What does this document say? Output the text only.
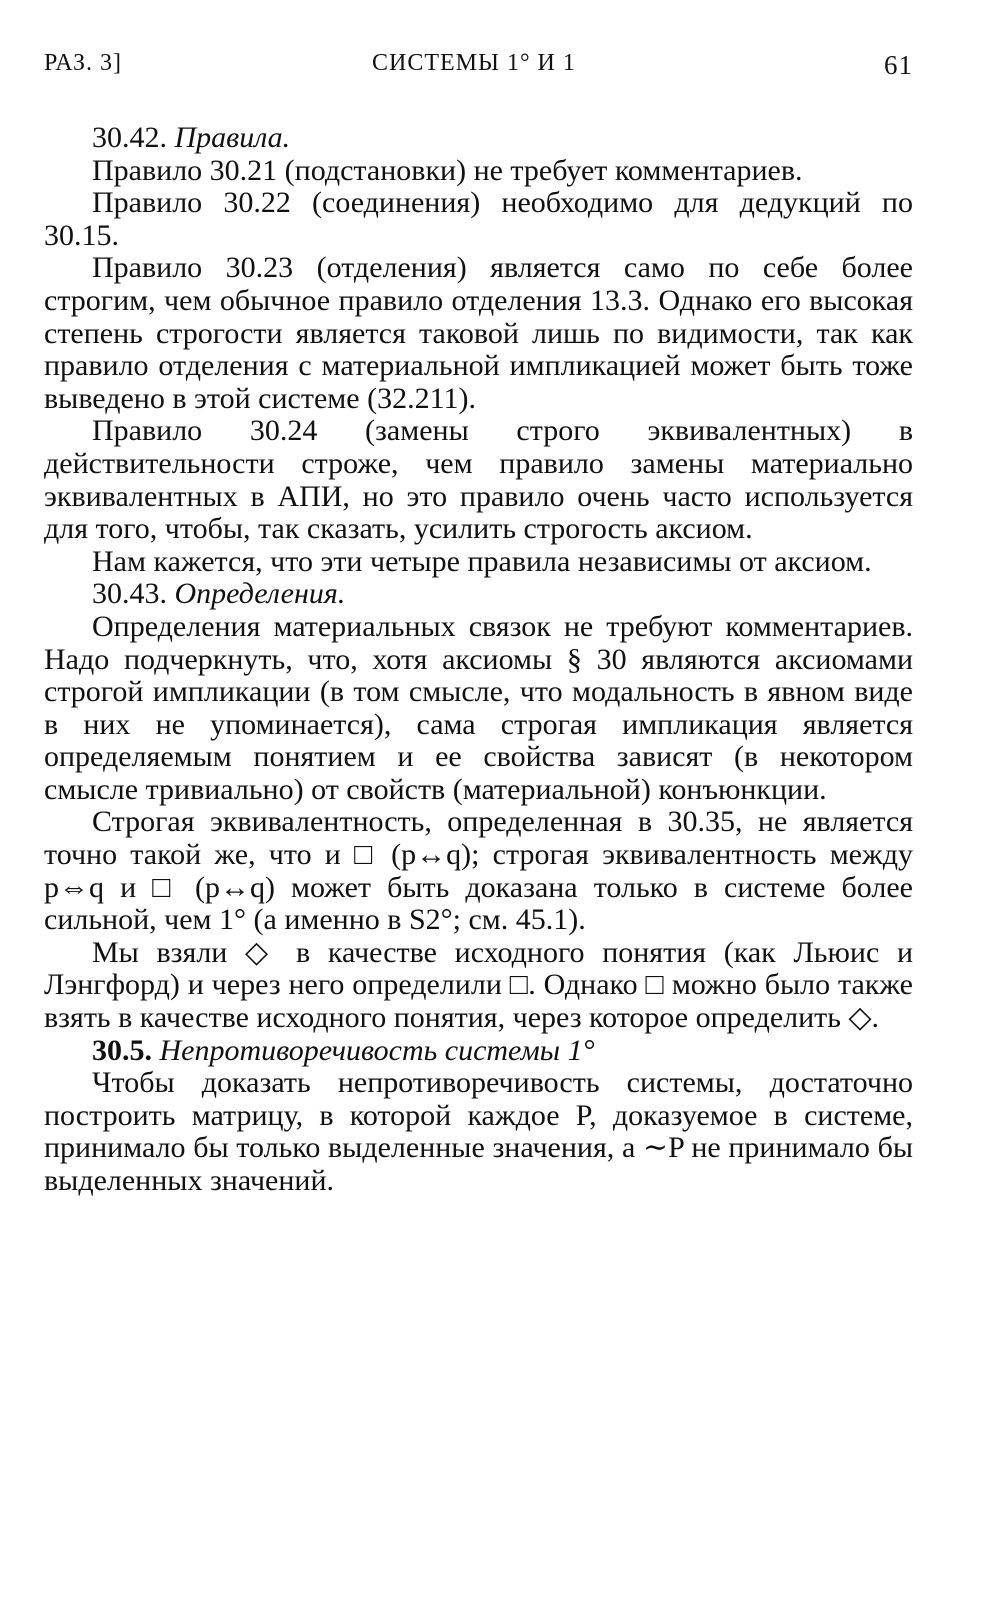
РАЗ. 3]	СИСТЕМЫ 1° И 1	61
30.42. Правила.

Правило 30.21 (подстановки) не требует комментариев.

Правило 30.22 (соединения) необходимо для дедукций по 30.15.

Правило 30.23 (отделения) является само по себе более строгим, чем обычное правило отделения 13.3. Однако его высокая степень строгости является таковой лишь по видимости, так как правило отделения с материальной импликацией может быть тоже выведено в этой системе (32.211).

Правило 30.24 (замены строго эквивалентных) в действительности строже, чем правило замены материально эквивалентных в АПИ, но это правило очень часто используется для того, чтобы, так сказать, усилить строгость аксиом.

Нам кажется, что эти четыре правила независимы от аксиом.

30.43. Определения.

Определения материальных связок не требуют комментариев. Надо подчеркнуть, что, хотя аксиомы § 30 являются аксиомами строгой импликации (в том смысле, что модальность в явном виде в них не упоминается), сама строгая импликация является определяемым понятием и ее свойства зависят (в некотором смысле тривиально) от свойств (материальной) конъюнкции.

Строгая эквивалентность, определенная в 30.35, не является точно такой же, что и □ (p↔q); строгая эквивалентность между p⇔q и □ (p↔q) может быть доказана только в системе более сильной, чем 1° (а именно в S2°; см. 45.1).

Мы взяли ◇ в качестве исходного понятия (как Льюис и Лэнгфорд) и через него определили □. Однако □ можно было также взять в качестве исходного понятия, через которое определить ◇.

30.5. Непротиворечивость системы 1°

Чтобы доказать непротиворечивость системы, достаточно построить матрицу, в которой каждое P, доказуемое в системе, принимало бы только выделенные значения, а ∼P не принимало бы выделенных значений.
